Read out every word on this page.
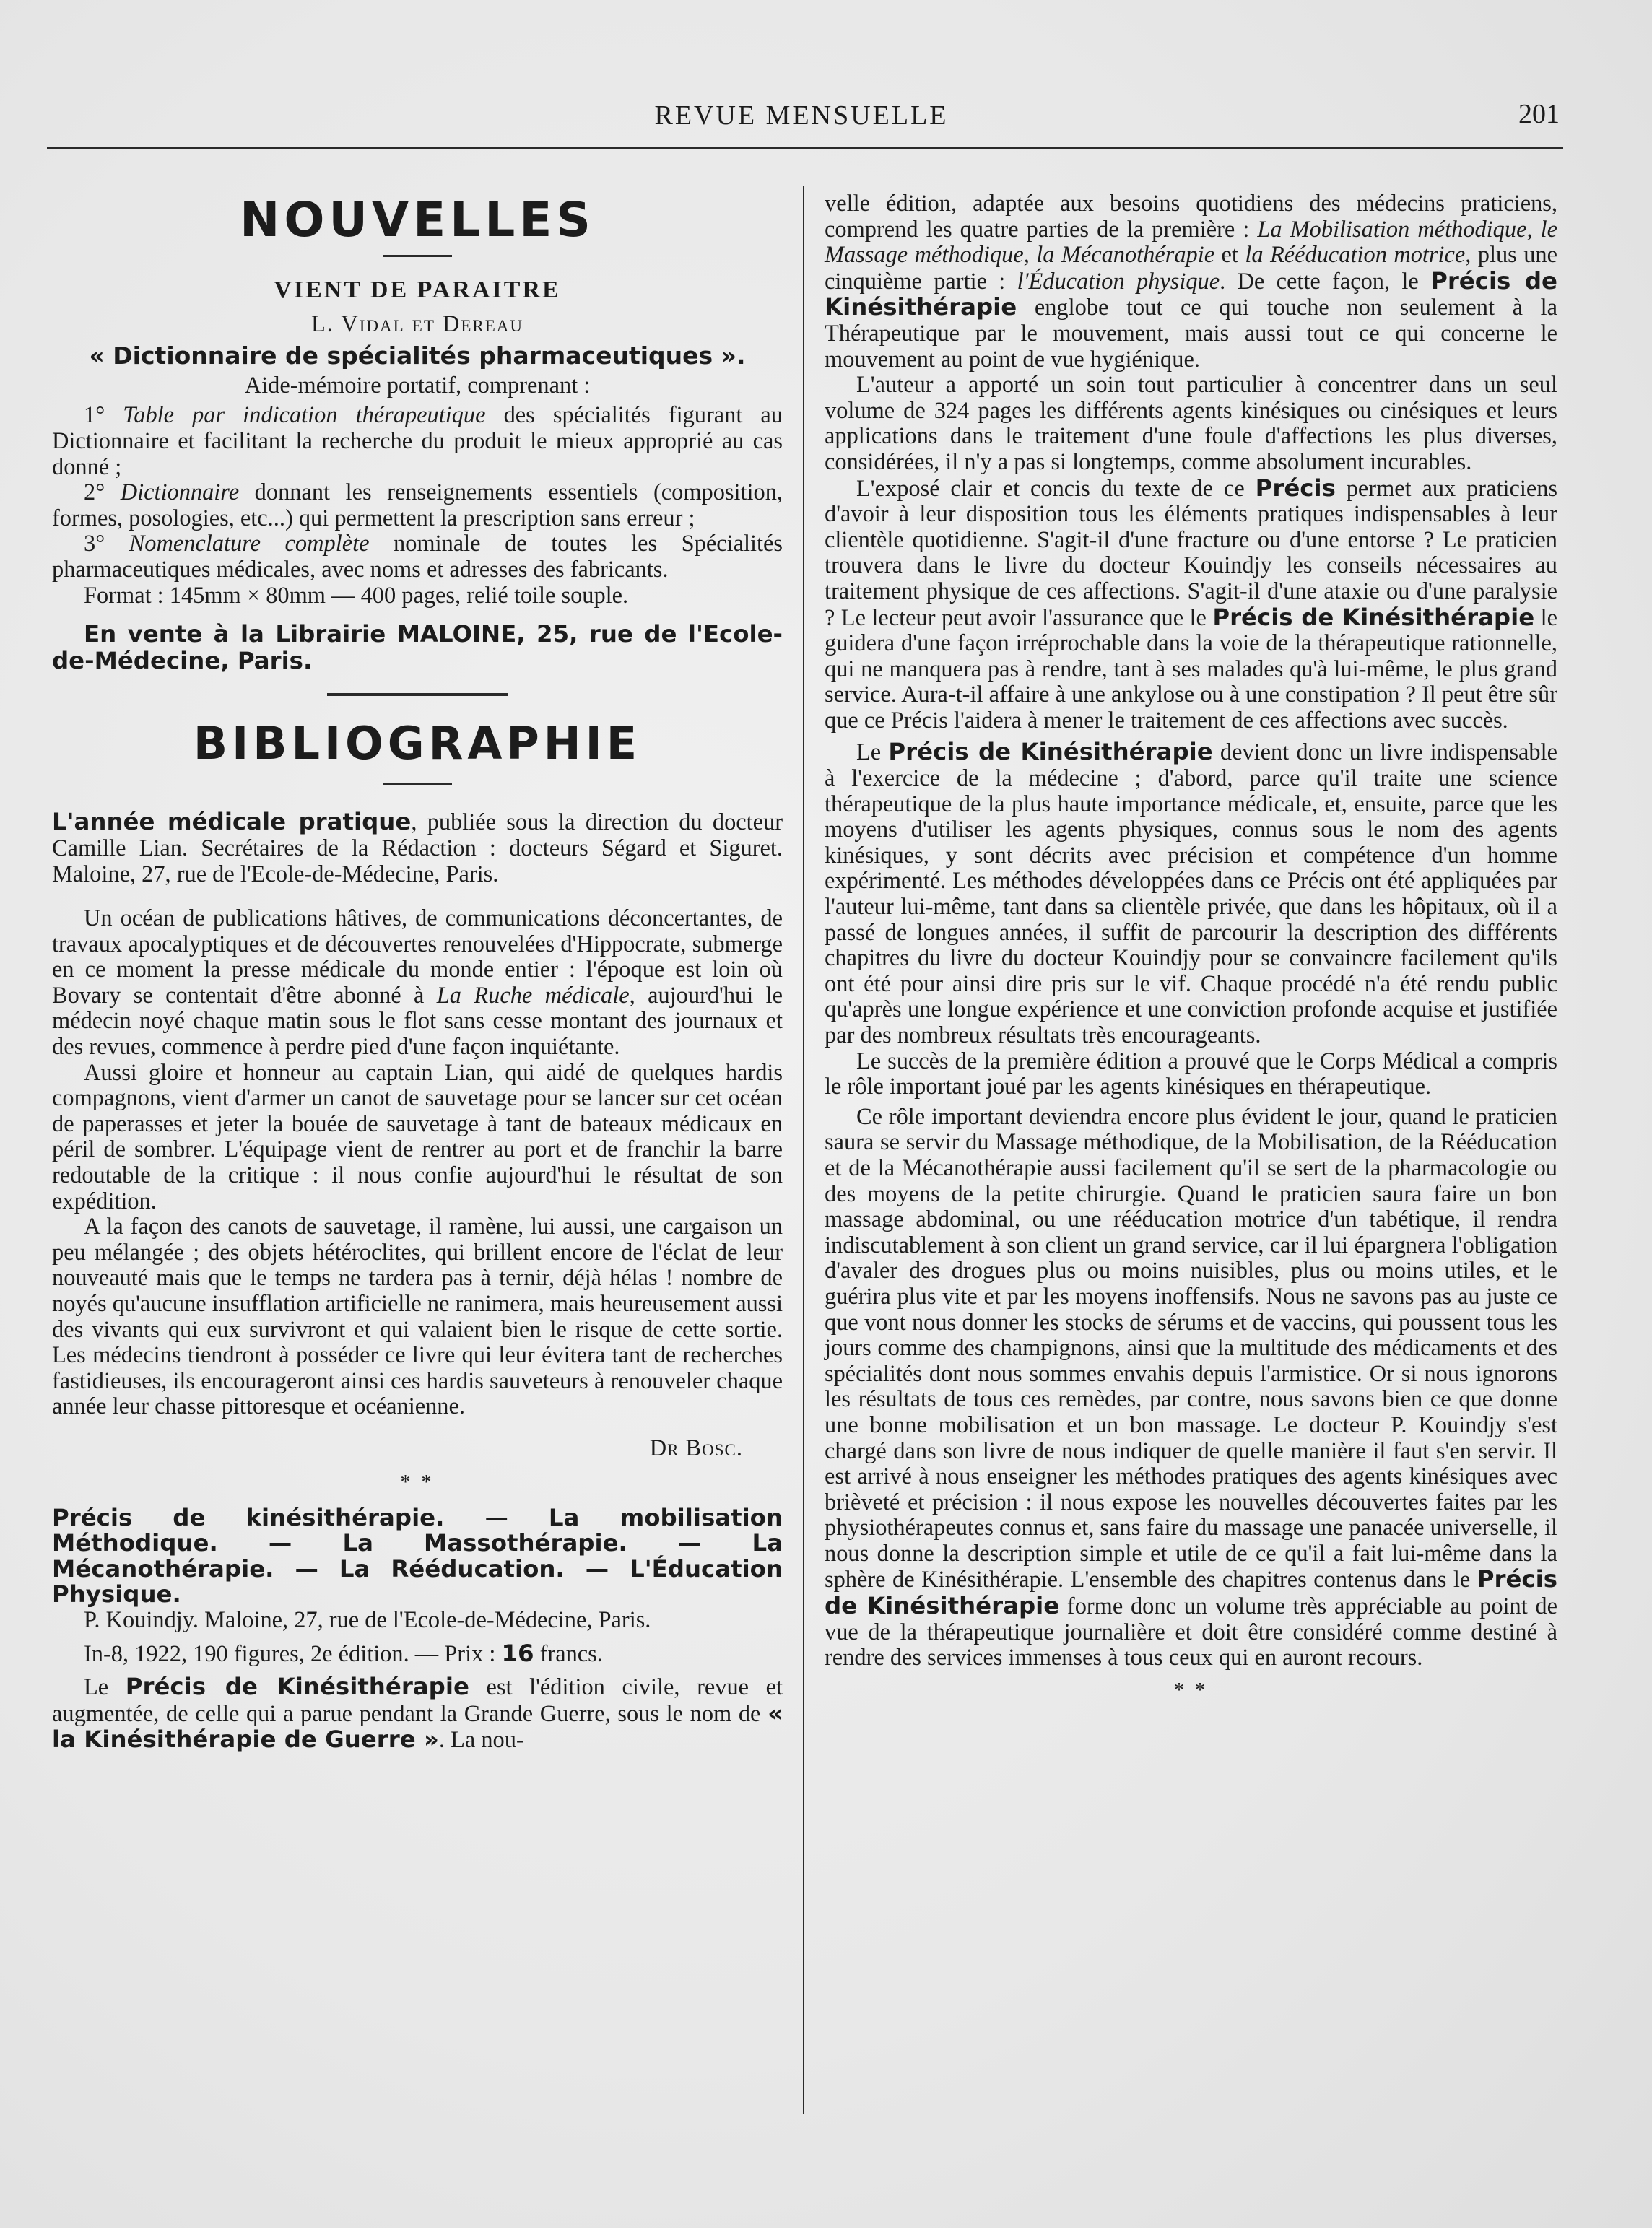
REVUE MENSUELLE	201
NOUVELLES

VIENT DE PARAITRE

L. Vidal et Dereau

« Dictionnaire de spécialités pharmaceutiques ».

Aide-mémoire portatif, comprenant :

1° Table par indication thérapeutique des spécialités figurant au Dictionnaire et facilitant la recherche du produit le mieux approprié au cas donné ;

2° Dictionnaire donnant les renseignements essentiels (composition, formes, posologies, etc...) qui permettent la prescription sans erreur ;

3° Nomenclature complète nominale de toutes les Spécialités pharmaceutiques médicales, avec noms et adresses des fabricants.

Format : 145mm × 80mm — 400 pages, relié toile souple.

En vente à la Librairie MALOINE, 25, rue de l'Ecole-de-Médecine, Paris.

BIBLIOGRAPHIE

L'année médicale pratique, publiée sous la direction du docteur Camille Lian. Secrétaires de la Rédaction : docteurs Ségard et Siguret. Maloine, 27, rue de l'Ecole-de-Médecine, Paris.

Un océan de publications hâtives, de communications déconcertantes, de travaux apocalyptiques et de découvertes renouvelées d'Hippocrate, submerge en ce moment la presse médicale du monde entier : l'époque est loin où Bovary se contentait d'être abonné à La Ruche médicale, aujourd'hui le médecin noyé chaque matin sous le flot sans cesse montant des journaux et des revues, commence à perdre pied d'une façon inquiétante.

Aussi gloire et honneur au captain Lian, qui aidé de quelques hardis compagnons, vient d'armer un canot de sauvetage pour se lancer sur cet océan de paperasses et jeter la bouée de sauvetage à tant de bateaux médicaux en péril de sombrer. L'équipage vient de rentrer au port et de franchir la barre redoutable de la critique : il nous confie aujourd'hui le résultat de son expédition.

A la façon des canots de sauvetage, il ramène, lui aussi, une cargaison un peu mélangée ; des objets hétéroclites, qui brillent encore de l'éclat de leur nouveauté mais que le temps ne tardera pas à ternir, déjà hélas ! nombre de noyés qu'aucune insufflation artificielle ne ranimera, mais heureusement aussi des vivants qui eux survivront et qui valaient bien le risque de cette sortie. Les médecins tiendront à posséder ce livre qui leur évitera tant de recherches fastidieuses, ils encourageront ainsi ces hardis sauveteurs à renouveler chaque année leur chasse pittoresque et océanienne.

Dr Bosc.

* *

Précis de kinésithérapie. — La mobilisation Méthodique. — La Massothérapie. — La Mécanothérapie. — La Rééducation. — L'Éducation Physique.

P. Kouindjy. Maloine, 27, rue de l'Ecole-de-Médecine, Paris.

In-8, 1922, 190 figures, 2e édition. — Prix : 16 francs.

Le Précis de Kinésithérapie est l'édition civile, revue et augmentée, de celle qui a parue pendant la Grande Guerre, sous le nom de « la Kinésithérapie de Guerre ». La nou-

velle édition, adaptée aux besoins quotidiens des médecins praticiens, comprend les quatre parties de la première : La Mobilisation méthodique, le Massage méthodique, la Mécanothérapie et la Rééducation motrice, plus une cinquième partie : l'Éducation physique. De cette façon, le Précis de Kinésithérapie englobe tout ce qui touche non seulement à la Thérapeutique par le mouvement, mais aussi tout ce qui concerne le mouvement au point de vue hygiénique.

L'auteur a apporté un soin tout particulier à concentrer dans un seul volume de 324 pages les différents agents kinésiques ou cinésiques et leurs applications dans le traitement d'une foule d'affections les plus diverses, considérées, il n'y a pas si longtemps, comme absolument incurables.

L'exposé clair et concis du texte de ce Précis permet aux praticiens d'avoir à leur disposition tous les éléments pratiques indispensables à leur clientèle quotidienne. S'agit-il d'une fracture ou d'une entorse ? Le praticien trouvera dans le livre du docteur Kouindjy les conseils nécessaires au traitement physique de ces affections. S'agit-il d'une ataxie ou d'une paralysie ? Le lecteur peut avoir l'assurance que le Précis de Kinésithérapie le guidera d'une façon irréprochable dans la voie de la thérapeutique rationnelle, qui ne manquera pas à rendre, tant à ses malades qu'à lui-même, le plus grand service. Aura-t-il affaire à une ankylose ou à une constipation ? Il peut être sûr que ce Précis l'aidera à mener le traitement de ces affections avec succès.

Le Précis de Kinésithérapie devient donc un livre indispensable à l'exercice de la médecine ; d'abord, parce qu'il traite une science thérapeutique de la plus haute importance médicale, et, ensuite, parce que les moyens d'utiliser les agents physiques, connus sous le nom des agents kinésiques, y sont décrits avec précision et compétence d'un homme expérimenté. Les méthodes développées dans ce Précis ont été appliquées par l'auteur lui-même, tant dans sa clientèle privée, que dans les hôpitaux, où il a passé de longues années, il suffit de parcourir la description des différents chapitres du livre du docteur Kouindjy pour se convaincre facilement qu'ils ont été pour ainsi dire pris sur le vif. Chaque procédé n'a été rendu public qu'après une longue expérience et une conviction profonde acquise et justifiée par des nombreux résultats très encourageants.

Le succès de la première édition a prouvé que le Corps Médical a compris le rôle important joué par les agents kinésiques en thérapeutique.

Ce rôle important deviendra encore plus évident le jour, quand le praticien saura se servir du Massage méthodique, de la Mobilisation, de la Rééducation et de la Mécanothérapie aussi facilement qu'il se sert de la pharmacologie ou des moyens de la petite chirurgie. Quand le praticien saura faire un bon massage abdominal, ou une rééducation motrice d'un tabétique, il rendra indiscutablement à son client un grand service, car il lui épargnera l'obligation d'avaler des drogues plus ou moins nuisibles, plus ou moins utiles, et le guérira plus vite et par les moyens inoffensifs. Nous ne savons pas au juste ce que vont nous donner les stocks de sérums et de vaccins, qui poussent tous les jours comme des champignons, ainsi que la multitude des médicaments et des spécialités dont nous sommes envahis depuis l'armistice. Or si nous ignorons les résultats de tous ces remèdes, par contre, nous savons bien ce que donne une bonne mobilisation et un bon massage. Le docteur P. Kouindjy s'est chargé dans son livre de nous indiquer de quelle manière il faut s'en servir. Il est arrivé à nous enseigner les méthodes pratiques des agents kinésiques avec brièveté et précision : il nous expose les nouvelles découvertes faites par les physiothérapeutes connus et, sans faire du massage une panacée universelle, il nous donne la description simple et utile de ce qu'il a fait lui-même dans la sphère de Kinésithérapie. L'ensemble des chapitres contenus dans le Précis de Kinésithérapie forme donc un volume très appréciable au point de vue de la thérapeutique journalière et doit être considéré comme destiné à rendre des services immenses à tous ceux qui en auront recours.

* *
